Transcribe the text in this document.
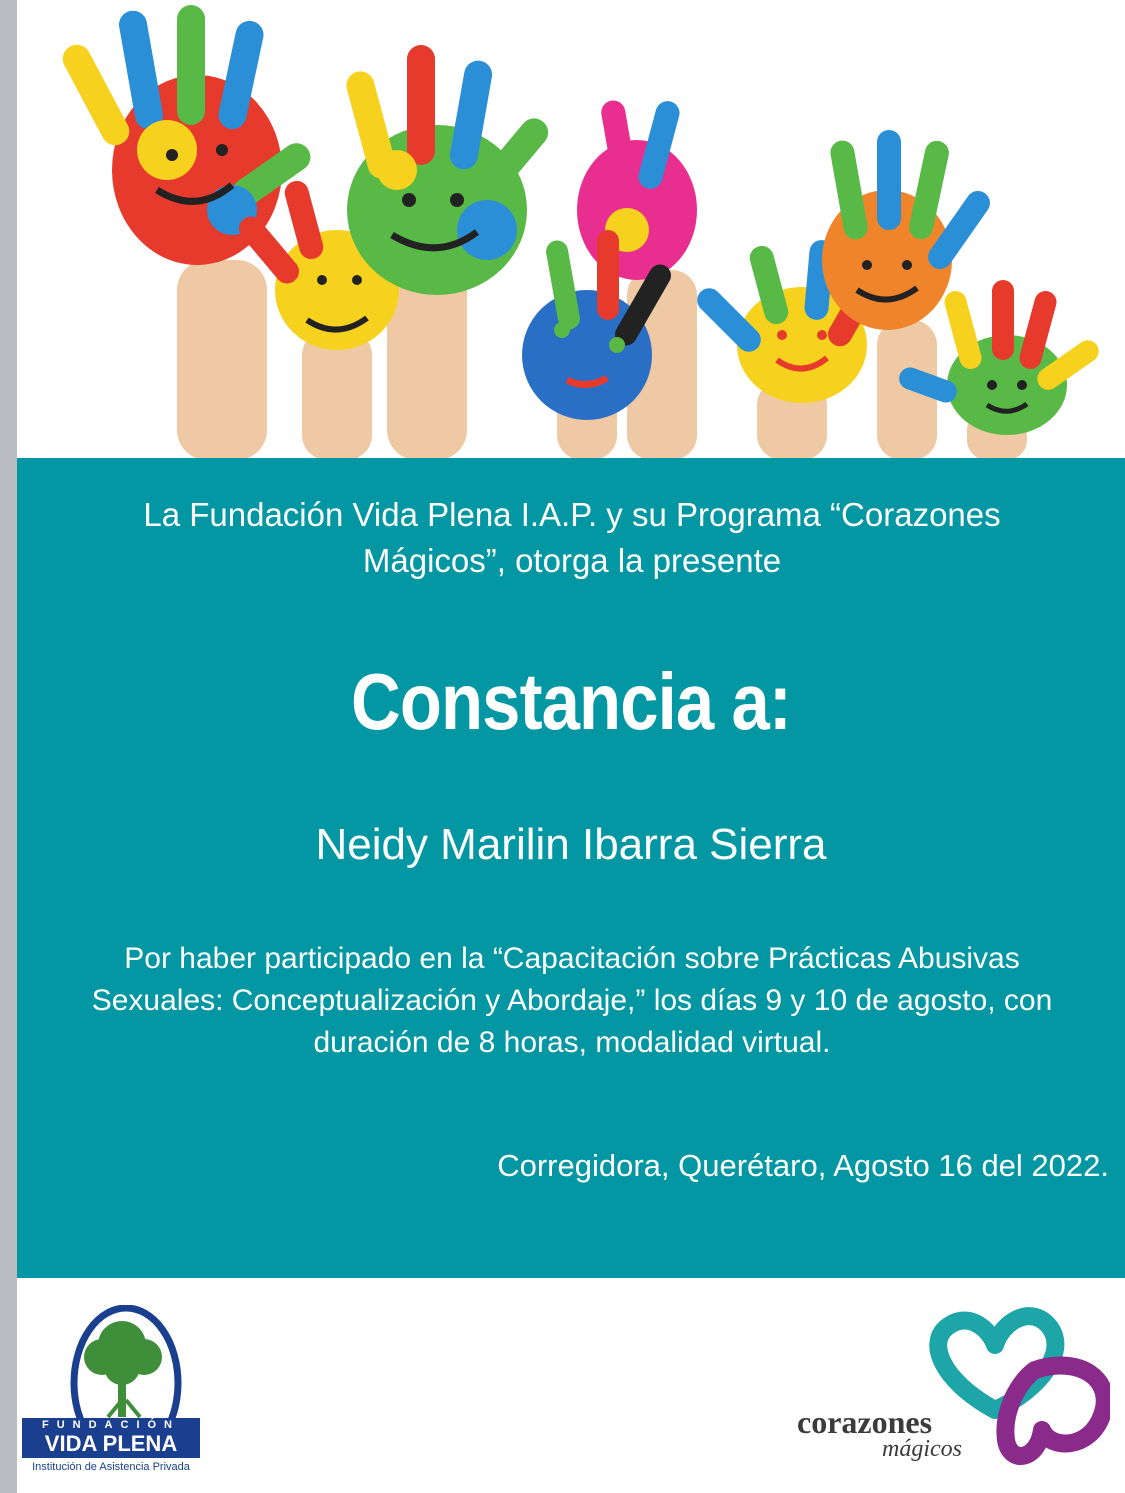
La Fundación Vida Plena I.A.P. y su Programa “Corazones Mágicos”, otorga la presente
Constancia a:
Neidy Marilin Ibarra Sierra
Por haber participado en la “Capacitación sobre Prácticas Abusivas Sexuales: Conceptualización y Abordaje,” los días 9 y 10 de agosto, con duración de 8 horas, modalidad virtual.
Corregidora, Querétaro, Agosto 16 del 2022.
FUNDACIÓN
VIDA PLENA
Institución de Asistencia Privada
corazones
mágicos
